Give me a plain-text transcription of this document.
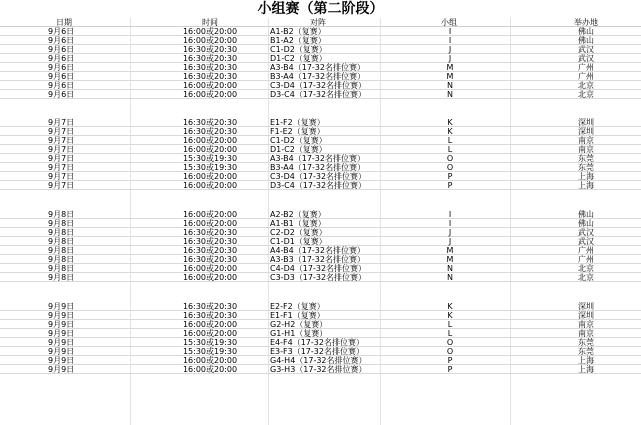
小组赛（第二阶段）
日期	时间	对阵	小组	举办地
9月6日	16:00或20:00	A1-B2（复赛）	I	佛山
9月6日	16:00或20:00	B1-A2（复赛）	I	佛山
9月6日	16:30或20:30	C1-D2（复赛）	J	武汉
9月6日	16:30或20:30	D1-C2（复赛）	J	武汉
9月6日	16:30或20:30	A3-B4（17-32名排位赛）	M	广州
9月6日	16:30或20:30	B3-A4（17-32名排位赛）	M	广州
9月6日	16:00或20:00	C3-D4（17-32名排位赛）	N	北京
9月6日	16:00或20:00	D3-C4（17-32名排位赛）	N	北京
9月7日	16:30或20:30	E1-F2（复赛）	K	深圳
9月7日	16:30或20:30	F1-E2（复赛）	K	深圳
9月7日	16:00或20:00	C1-D2（复赛）	L	南京
9月7日	16:00或20:00	D1-C2（复赛）	L	南京
9月7日	15:30或19:30	A3-B4（17-32名排位赛）	O	东莞
9月7日	15:30或19:30	B3-A4（17-32名排位赛）	O	东莞
9月7日	16:00或20:00	C3-D4（17-32名排位赛）	P	上海
9月7日	16:00或20:00	D3-C4（17-32名排位赛）	P	上海
9月8日	16:00或20:00	A2-B2（复赛）	I	佛山
9月8日	16:00或20:00	A1-B1（复赛）	I	佛山
9月8日	16:30或20:30	C2-D2（复赛）	J	武汉
9月8日	16:30或20:30	C1-D1（复赛）	J	武汉
9月8日	16:30或20:30	A4-B4（17-32名排位赛）	M	广州
9月8日	16:30或20:30	A3-B3（17-32名排位赛）	M	广州
9月8日	16:00或20:00	C4-D4（17-32名排位赛）	N	北京
9月8日	16:00或20:00	C3-D3（17-32名排位赛）	N	北京
9月9日	16:30或20:30	E2-F2（复赛）	K	深圳
9月9日	16:30或20:30	E1-F1（复赛）	K	深圳
9月9日	16:00或20:00	G2-H2（复赛）	L	南京
9月9日	16:00或20:00	G1-H1（复赛）	L	南京
9月9日	15:30或19:30	E4-F4（17-32名排位赛）	O	东莞
9月9日	15:30或19:30	E3-F3（17-32名排位赛）	O	东莞
9月9日	16:00或20:00	G4-H4（17-32名排位赛）	P	上海
9月9日	16:00或20:00	G3-H3（17-32名排位赛）	P	上海
